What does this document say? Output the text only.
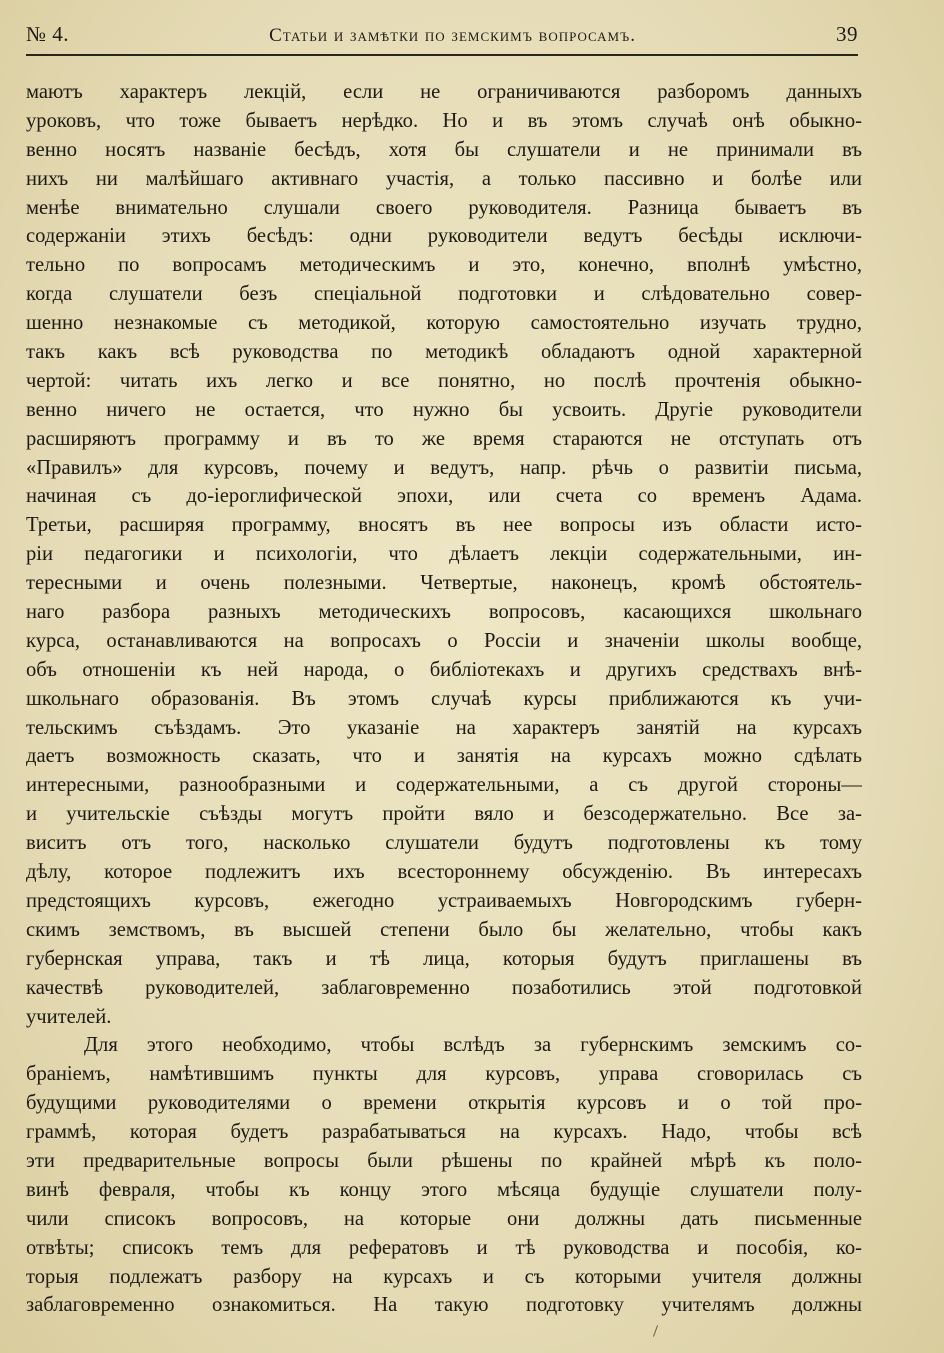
№ 4.	Статьи и замѣтки по земскимъ вопросамъ.	39
маютъ характеръ лекцій, если не ограничиваются разборомъ данныхъ
уроковъ, что тоже бываетъ нерѣдко. Но и въ этомъ случаѣ онѣ обыкно-
венно носятъ названіе бесѣдъ, хотя бы слушатели и не принимали въ
нихъ ни малѣйшаго активнаго участія, а только пассивно и болѣе или
менѣе внимательно слушали своего руководителя. Разница бываетъ въ
содержаніи этихъ бесѣдъ: одни руководители ведутъ бесѣды исключи-
тельно по вопросамъ методическимъ и это, конечно, вполнѣ умѣстно,
когда слушатели безъ спеціальной подготовки и слѣдовательно совер-
шенно незнакомые съ методикой, которую самостоятельно изучать трудно,
такъ какъ всѣ руководства по методикѣ обладаютъ одной характерной
чертой: читать ихъ легко и все понятно, но послѣ прочтенія обыкно-
венно ничего не остается, что нужно бы усвоить. Другіе руководители
расширяютъ программу и въ то же время стараются не отступать отъ
«Правилъ» для курсовъ, почему и ведутъ, напр. рѣчь о развитіи письма,
начиная съ до-іероглифической эпохи, или счета со временъ Адама.
Третьи, расширяя программу, вносятъ въ нее вопросы изъ области исто-
ріи педагогики и психологіи, что дѣлаетъ лекціи содержательными, ин-
тересными и очень полезными. Четвертые, наконецъ, кромѣ обстоятель-
наго разбора разныхъ методическихъ вопросовъ, касающихся школьнаго
курса, останавливаются на вопросахъ о Россіи и значеніи школы вообще,
объ отношеніи къ ней народа, о библіотекахъ и другихъ средствахъ внѣ-
школьнаго образованія. Въ этомъ случаѣ курсы приближаются къ учи-
тельскимъ съѣздамъ. Это указаніе на характеръ занятій на курсахъ
даетъ возможность сказать, что и занятія на курсахъ можно сдѣлать
интересными, разнообразными и содержательными, а съ другой стороны—
и учительскіе съѣзды могутъ пройти вяло и безсодержательно. Все за-
виситъ отъ того, насколько слушатели будутъ подготовлены къ тому
дѣлу, которое подлежитъ ихъ всестороннему обсужденію. Въ интересахъ
предстоящихъ курсовъ, ежегодно устраиваемыхъ Новгородскимъ губерн-
скимъ земствомъ, въ высшей степени было бы желательно, чтобы какъ
губернская управа, такъ и тѣ лица, которыя будутъ приглашены въ
качествѣ руководителей, заблаговременно позаботились этой подготовкой
учителей.
Для этого необходимо, чтобы вслѣдъ за губернскимъ земскимъ со-
браніемъ, намѣтившимъ пункты для курсовъ, управа сговорилась съ
будущими руководителями о времени открытія курсовъ и о той про-
граммѣ, которая будетъ разрабатываться на курсахъ. Надо, чтобы всѣ
эти предварительные вопросы были рѣшены по крайней мѣрѣ къ поло-
винѣ февраля, чтобы къ концу этого мѣсяца будущіе слушатели полу-
чили списокъ вопросовъ, на которые они должны дать письменные
отвѣты; списокъ темъ для рефератовъ и тѣ руководства и пособія, ко-
торыя подлежатъ разбору на курсахъ и съ которыми учителя должны
заблаговременно ознакомиться. На такую подготовку учителямъ должны
